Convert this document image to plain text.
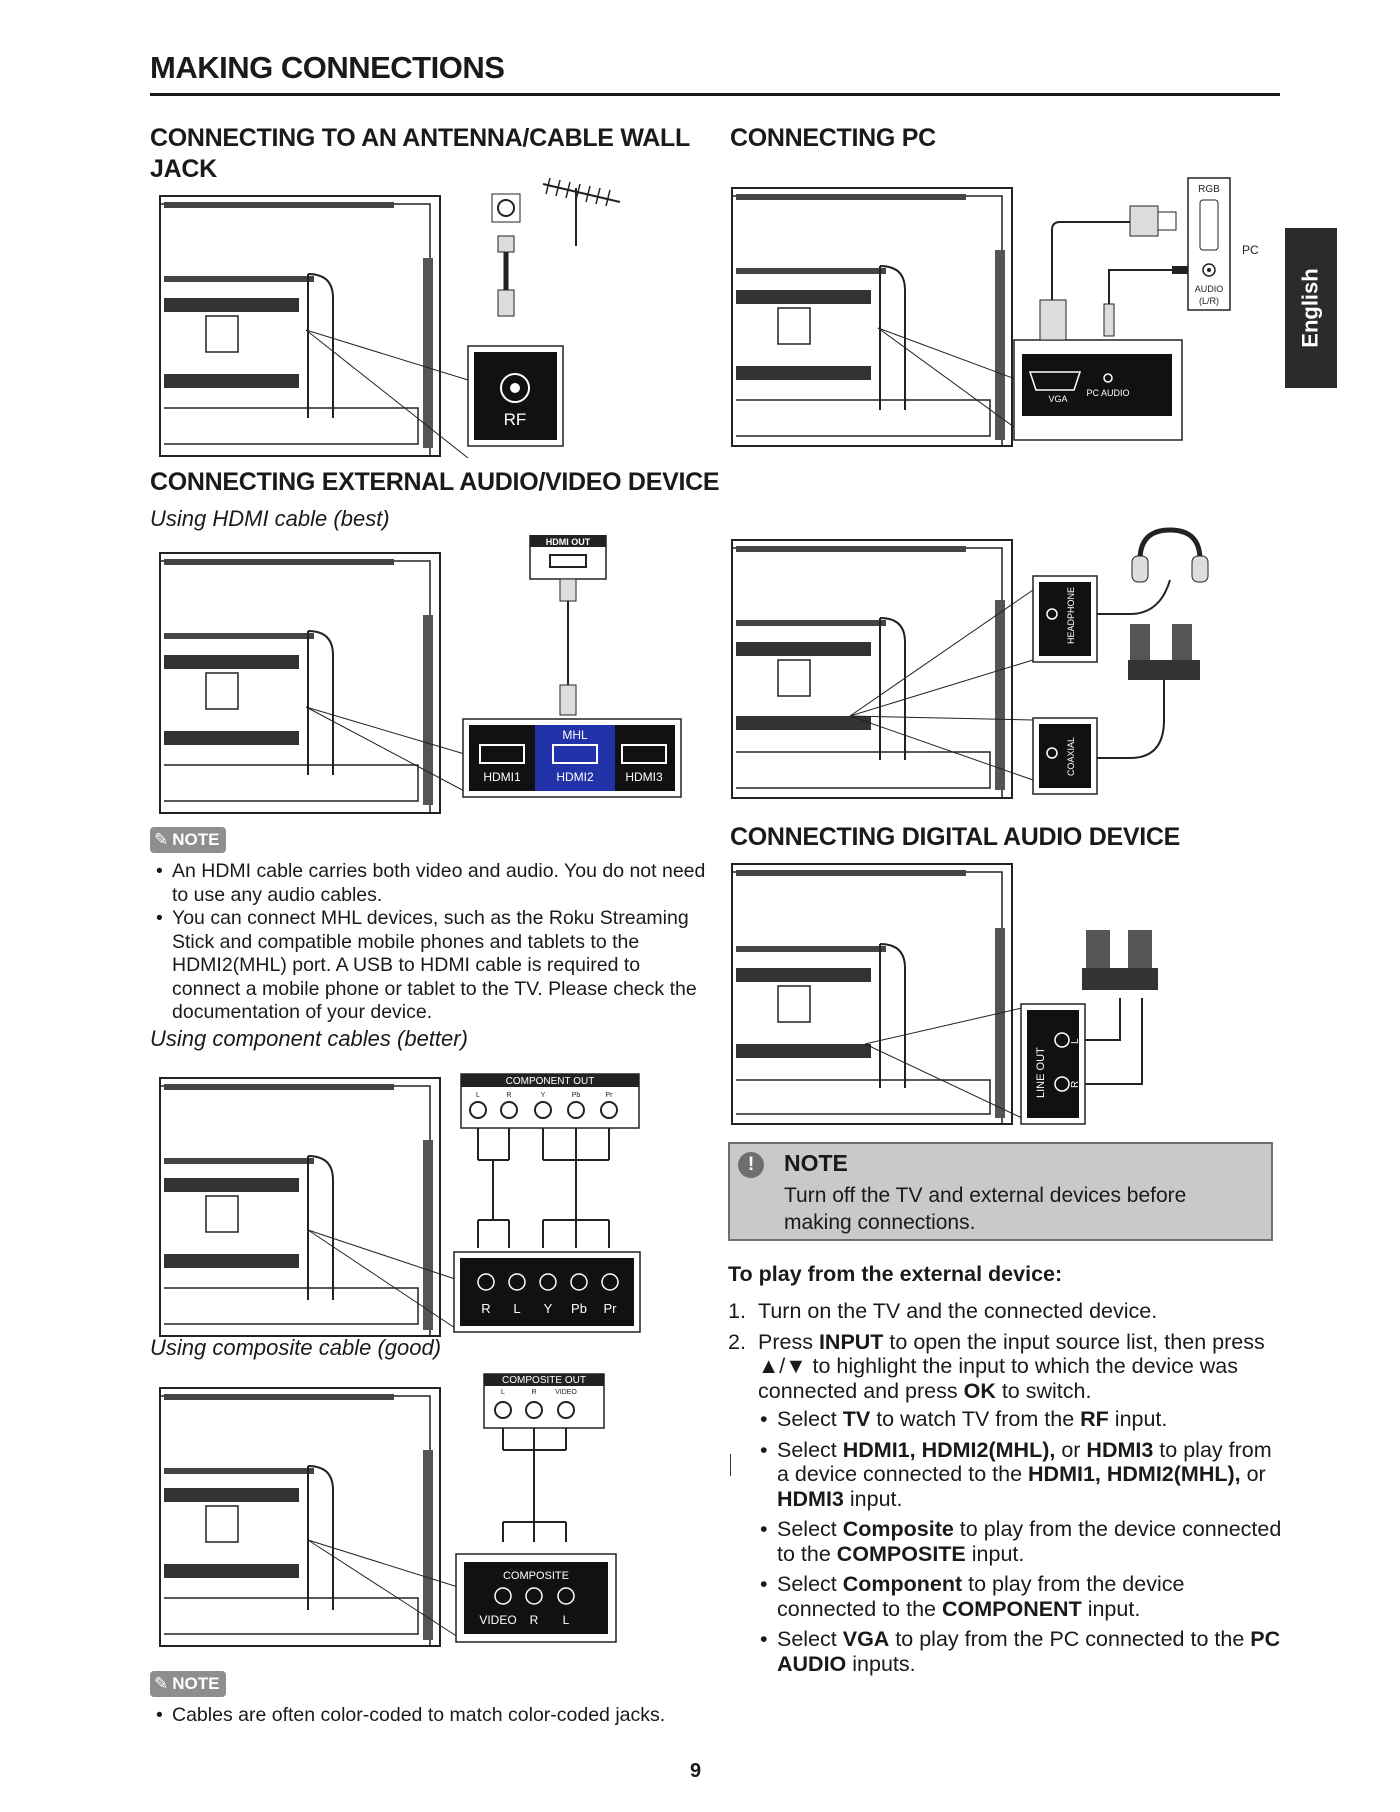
MAKING CONNECTIONS
English
CONNECTING TO AN ANTENNA/CABLE WALL JACK
RF
CONNECTING EXTERNAL AUDIO/VIDEO DEVICE
Using HDMI cable (best)
MHL
HDMI1	HDMI2	HDMI3
HDMI OUT
✎ NOTE
• An HDMI cable carries both video and audio. You do not need to use any audio cables.
• You can connect MHL devices, such as the Roku Streaming Stick and compatible mobile phones and tablets to the HDMI2(MHL) port. A USB to HDMI cable is required to connect a mobile phone or tablet to the TV. Please check the documentation of your device.
Using component cables (better)
COMPONENT OUT
L	R	Y	Pb	Pr
R L Y Pb Pr
Using composite cable (good)
COMPOSITE OUT
L	R	VIDEO
COMPOSITE
VIDEO R L
✎ NOTE
• Cables are often color-coded to match color-coded jacks.
CONNECTING PC
VGA
PC AUDIO
RGB
AUDIO
(L/R)
PC
HEADPHONE
COAXIAL
CONNECTING DIGITAL AUDIO DEVICE
LINE OUT
L
R
!	NOTE
Turn off the TV and external devices before making connections.
To play from the external device:
1. Turn on the TV and the connected device.
2. Press INPUT to open the input source list, then press ▲/▼ to highlight the input to which the device was connected and press OK to switch.
• Select TV to watch TV from the RF input.
• Select HDMI1, HDMI2(MHL), or HDMI3 to play from a device connected to the HDMI1, HDMI2(MHL), or HDMI3 input.
• Select Composite to play from the device connected to the COMPOSITE input.
• Select Component to play from the device connected to the COMPONENT input.
• Select VGA to play from the PC connected to the PC AUDIO inputs.
9
